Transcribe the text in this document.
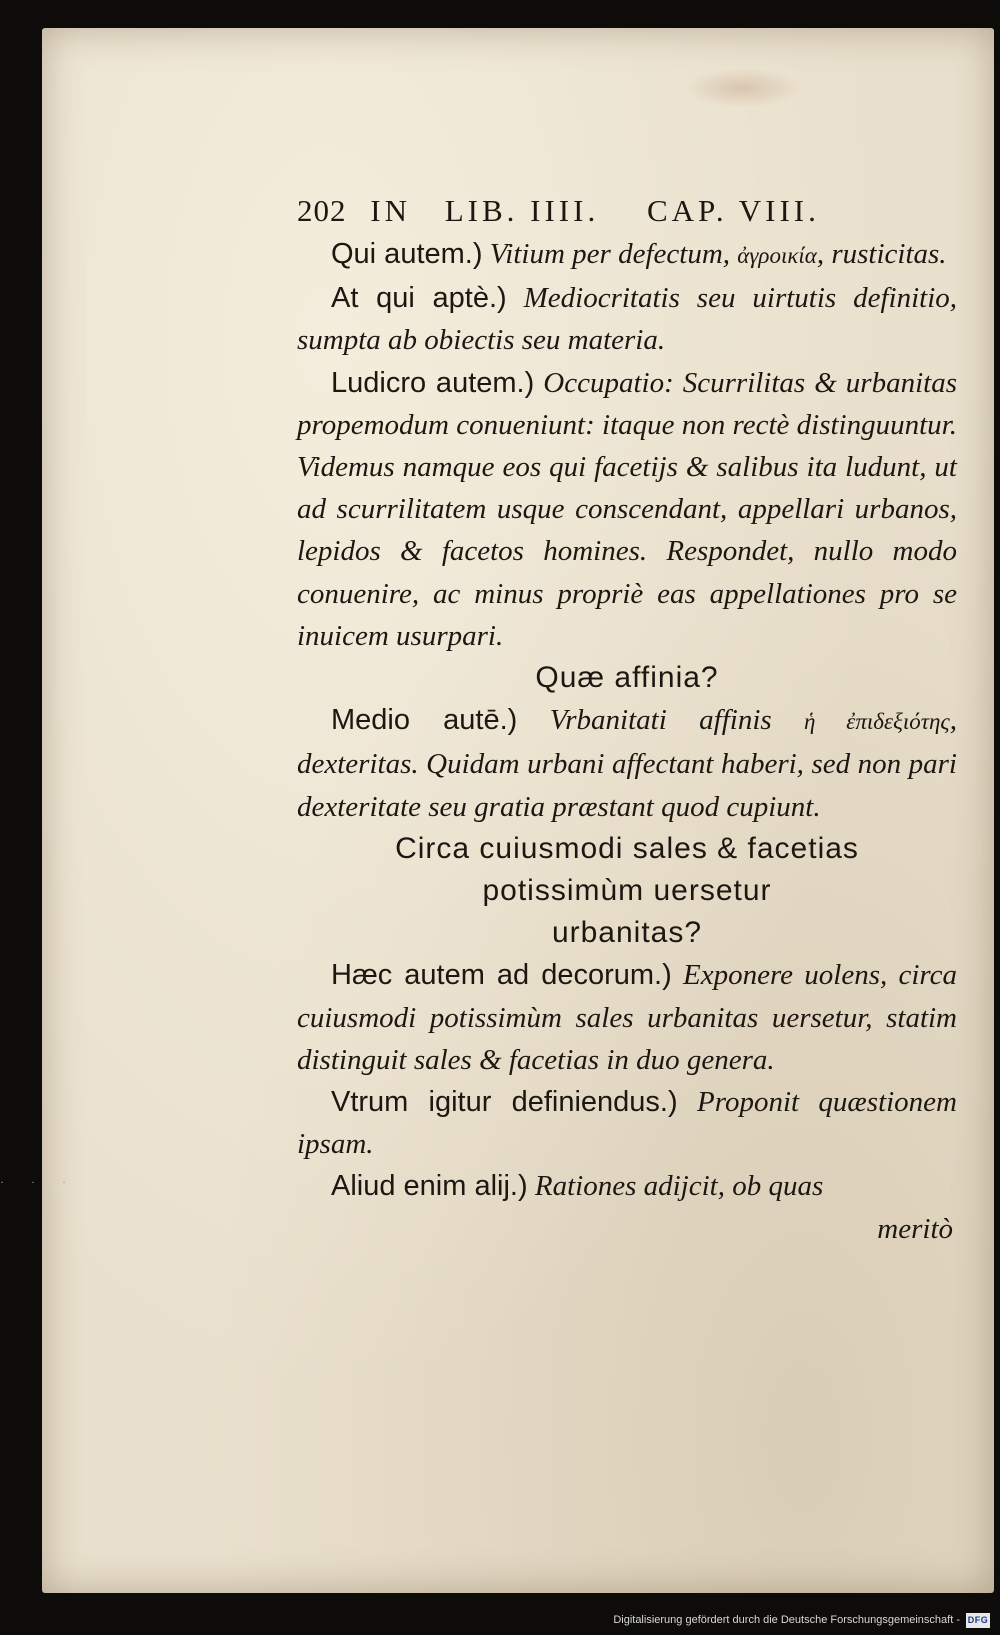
202 IN LIB. IIII. CAP. VIII.

Qui autem.) Vitium per defectum, ἀγροικία, rusticitas.

At qui aptè.) Mediocritatis seu uirtutis definitio, sumpta ab obiectis seu materia.

Ludicro autem.) Occupatio: Scurrilitas & urbanitas propemodum conueniunt: itaque non rectè distinguuntur. Videmus namque eos qui facetijs & salibus ita ludunt, ut ad scurrilitatem usque conscendant, appellari urbanos, lepidos & facetos homines. Respondet, nullo modo conuenire, ac minus propriè eas appellationes pro se inuicem usurpari.

Quæ affinia?

Medio autē.) Vrbanitati affinis ἡ ἐπιδεξιότης, dexteritas. Quidam urbani affectant haberi, sed non pari dexteritate seu gratia præstant quod cupiunt.

Circa cuiusmodi sales & facetias
potissimùm uersetur
urbanitas?

Hæc autem ad decorum.) Exponere uolens, circa cuiusmodi potissimùm sales urbanitas uersetur, statim distinguit sales & facetias in duo genera.

Vtrum igitur definiendus.) Proponit quæstionem ipsam.

Aliud enim alij.) Rationes adijcit, ob quas

meritò
· · ·
Digitalisierung gefördert durch die Deutsche Forschungsgemeinschaft - DFG
